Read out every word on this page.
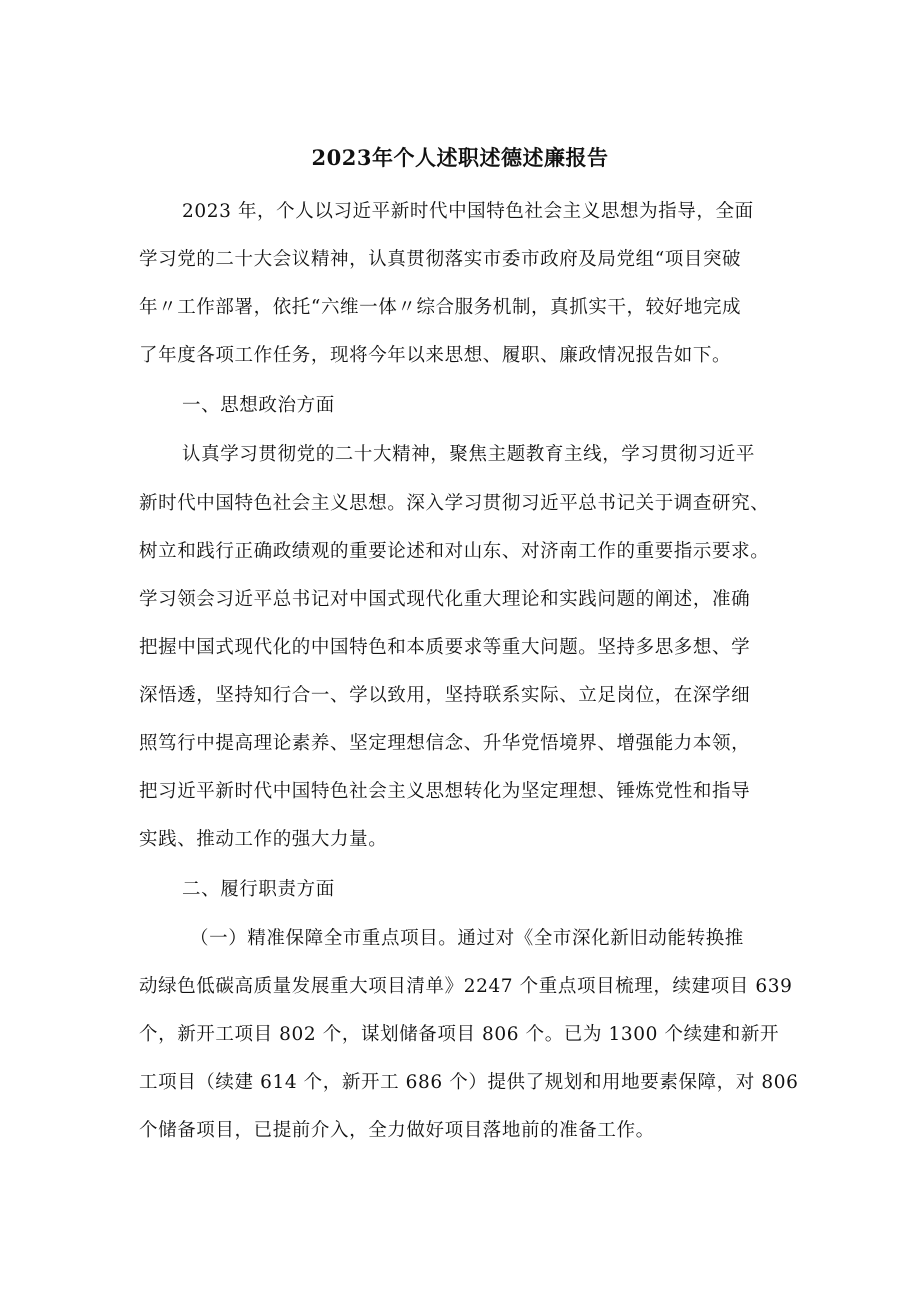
2023年个人述职述德述廉报告
2023 年，个人以习近平新时代中国特色社会主义思想为指导，全面
学习党的二十大会议精神，认真贯彻落实市委市政府及局党组“项目突破
年〃工作部署，依托“六维一体〃综合服务机制，真抓实干，较好地完成
了年度各项工作任务，现将今年以来思想、履职、廉政情况报告如下。
一、思想政治方面
认真学习贯彻党的二十大精神，聚焦主题教育主线，学习贯彻习近平
新时代中国特色社会主义思想。深入学习贯彻习近平总书记关于调查研究、
树立和践行正确政绩观的重要论述和对山东、对济南工作的重要指示要求。
学习领会习近平总书记对中国式现代化重大理论和实践问题的阐述，准确
把握中国式现代化的中国特色和本质要求等重大问题。坚持多思多想、学
深悟透，坚持知行合一、学以致用，坚持联系实际、立足岗位，在深学细
照笃行中提高理论素养、坚定理想信念、升华党悟境界、增强能力本领，
把习近平新时代中国特色社会主义思想转化为坚定理想、锤炼党性和指导
实践、推动工作的强大力量。
二、履行职责方面
（一）精准保障全市重点项目。通过对《全市深化新旧动能转换推
动绿色低碳高质量发展重大项目清单》2247 个重点项目梳理，续建项目 639
个，新开工项目 802 个，谋划储备项目 806 个。已为 1300 个续建和新开
工项目（续建 614 个，新开工 686 个）提供了规划和用地要素保障，对 806
个储备项目，已提前介入，全力做好项目落地前的准备工作。
